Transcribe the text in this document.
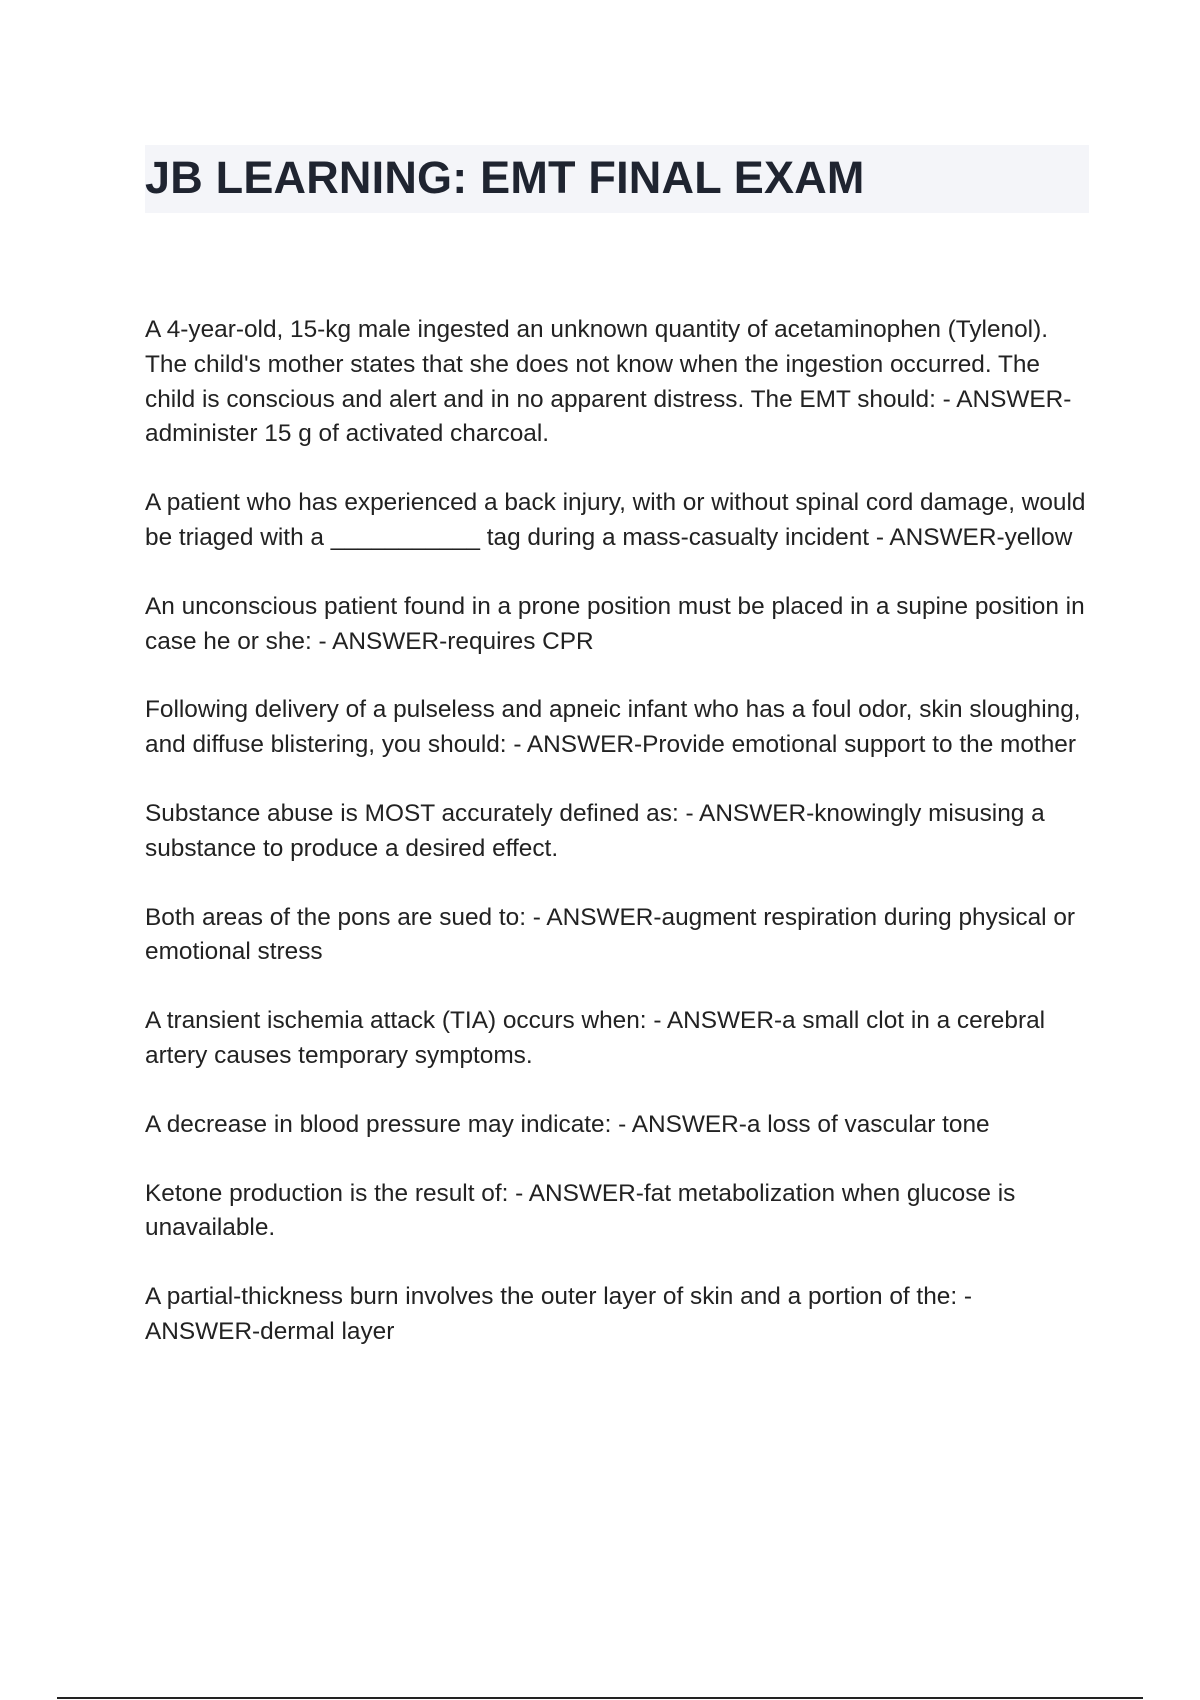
JB LEARNING: EMT FINAL EXAM

A 4-year-old, 15-kg male ingested an unknown quantity of acetaminophen (Tylenol). The child's mother states that she does not know when the ingestion occurred. The child is conscious and alert and in no apparent distress. The EMT should: - ANSWER-administer 15 g of activated charcoal.

A patient who has experienced a back injury, with or without spinal cord damage, would be triaged with a ___________ tag during a mass-casualty incident - ANSWER-yellow

An unconscious patient found in a prone position must be placed in a supine position in case he or she: - ANSWER-requires CPR

Following delivery of a pulseless and apneic infant who has a foul odor, skin sloughing, and diffuse blistering, you should: - ANSWER-Provide emotional support to the mother

Substance abuse is MOST accurately defined as: - ANSWER-knowingly misusing a substance to produce a desired effect.

Both areas of the pons are sued to: - ANSWER-augment respiration during physical or emotional stress

A transient ischemia attack (TIA) occurs when: - ANSWER-a small clot in a cerebral artery causes temporary symptoms.

A decrease in blood pressure may indicate: - ANSWER-a loss of vascular tone

Ketone production is the result of: - ANSWER-fat metabolization when glucose is unavailable.

A partial-thickness burn involves the outer layer of skin and a portion of the: - ANSWER-dermal layer
